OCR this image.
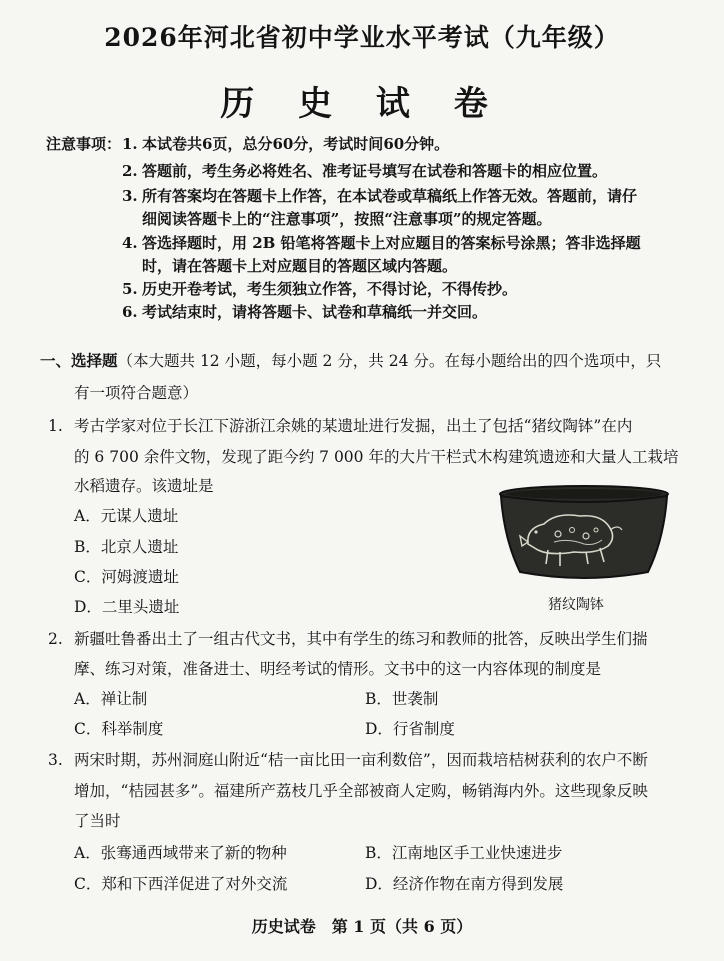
2026年河北省初中学业水平考试（九年级）
历 史 试 卷
注意事项： 1. 本试卷共6页，总分60分，考试时间60分钟。
2. 答题前，考生务必将姓名、准考证号填写在试卷和答题卡的相应位置。
3. 所有答案均在答题卡上作答，在本试卷或草稿纸上作答无效。答题前，请仔
细阅读答题卡上的“注意事项”，按照“注意事项”的规定答题。
4. 答选择题时，用 2B 铅笔将答题卡上对应题目的答案标号涂黑；答非选择题
时，请在答题卡上对应题目的答题区域内答题。
5. 历史开卷考试，考生须独立作答，不得讨论，不得传抄。
6. 考试结束时，请将答题卡、试卷和草稿纸一并交回。
一、选择题（本大题共 12 小题，每小题 2 分，共 24 分。在每小题给出的四个选项中，只
有一项符合题意）
1. 考古学家对位于长江下游浙江余姚的某遗址进行发掘，出土了包括“猪纹陶钵”在内
的 6 700 余件文物，发现了距今约 7 000 年的大片干栏式木构建筑遗迹和大量人工栽培
水稻遗存。该遗址是
A．元谋人遗址
B．北京人遗址
C．河姆渡遗址
D．二里头遗址	猪纹陶钵
2. 新疆吐鲁番出土了一组古代文书，其中有学生的练习和教师的批答，反映出学生们揣
摩、练习对策，准备进士、明经考试的情形。文书中的这一内容体现的制度是
A．禅让制	B．世袭制
C．科举制度	D．行省制度
3. 两宋时期，苏州洞庭山附近“桔一亩比田一亩利数倍”，因而栽培桔树获利的农户不断
增加，“桔园甚多”。福建所产荔枝几乎全部被商人定购，畅销海内外。这些现象反映
了当时
A．张骞通西域带来了新的物种	B．江南地区手工业快速进步
C．郑和下西洋促进了对外交流	D．经济作物在南方得到发展
历史试卷　第 1 页（共 6 页）
